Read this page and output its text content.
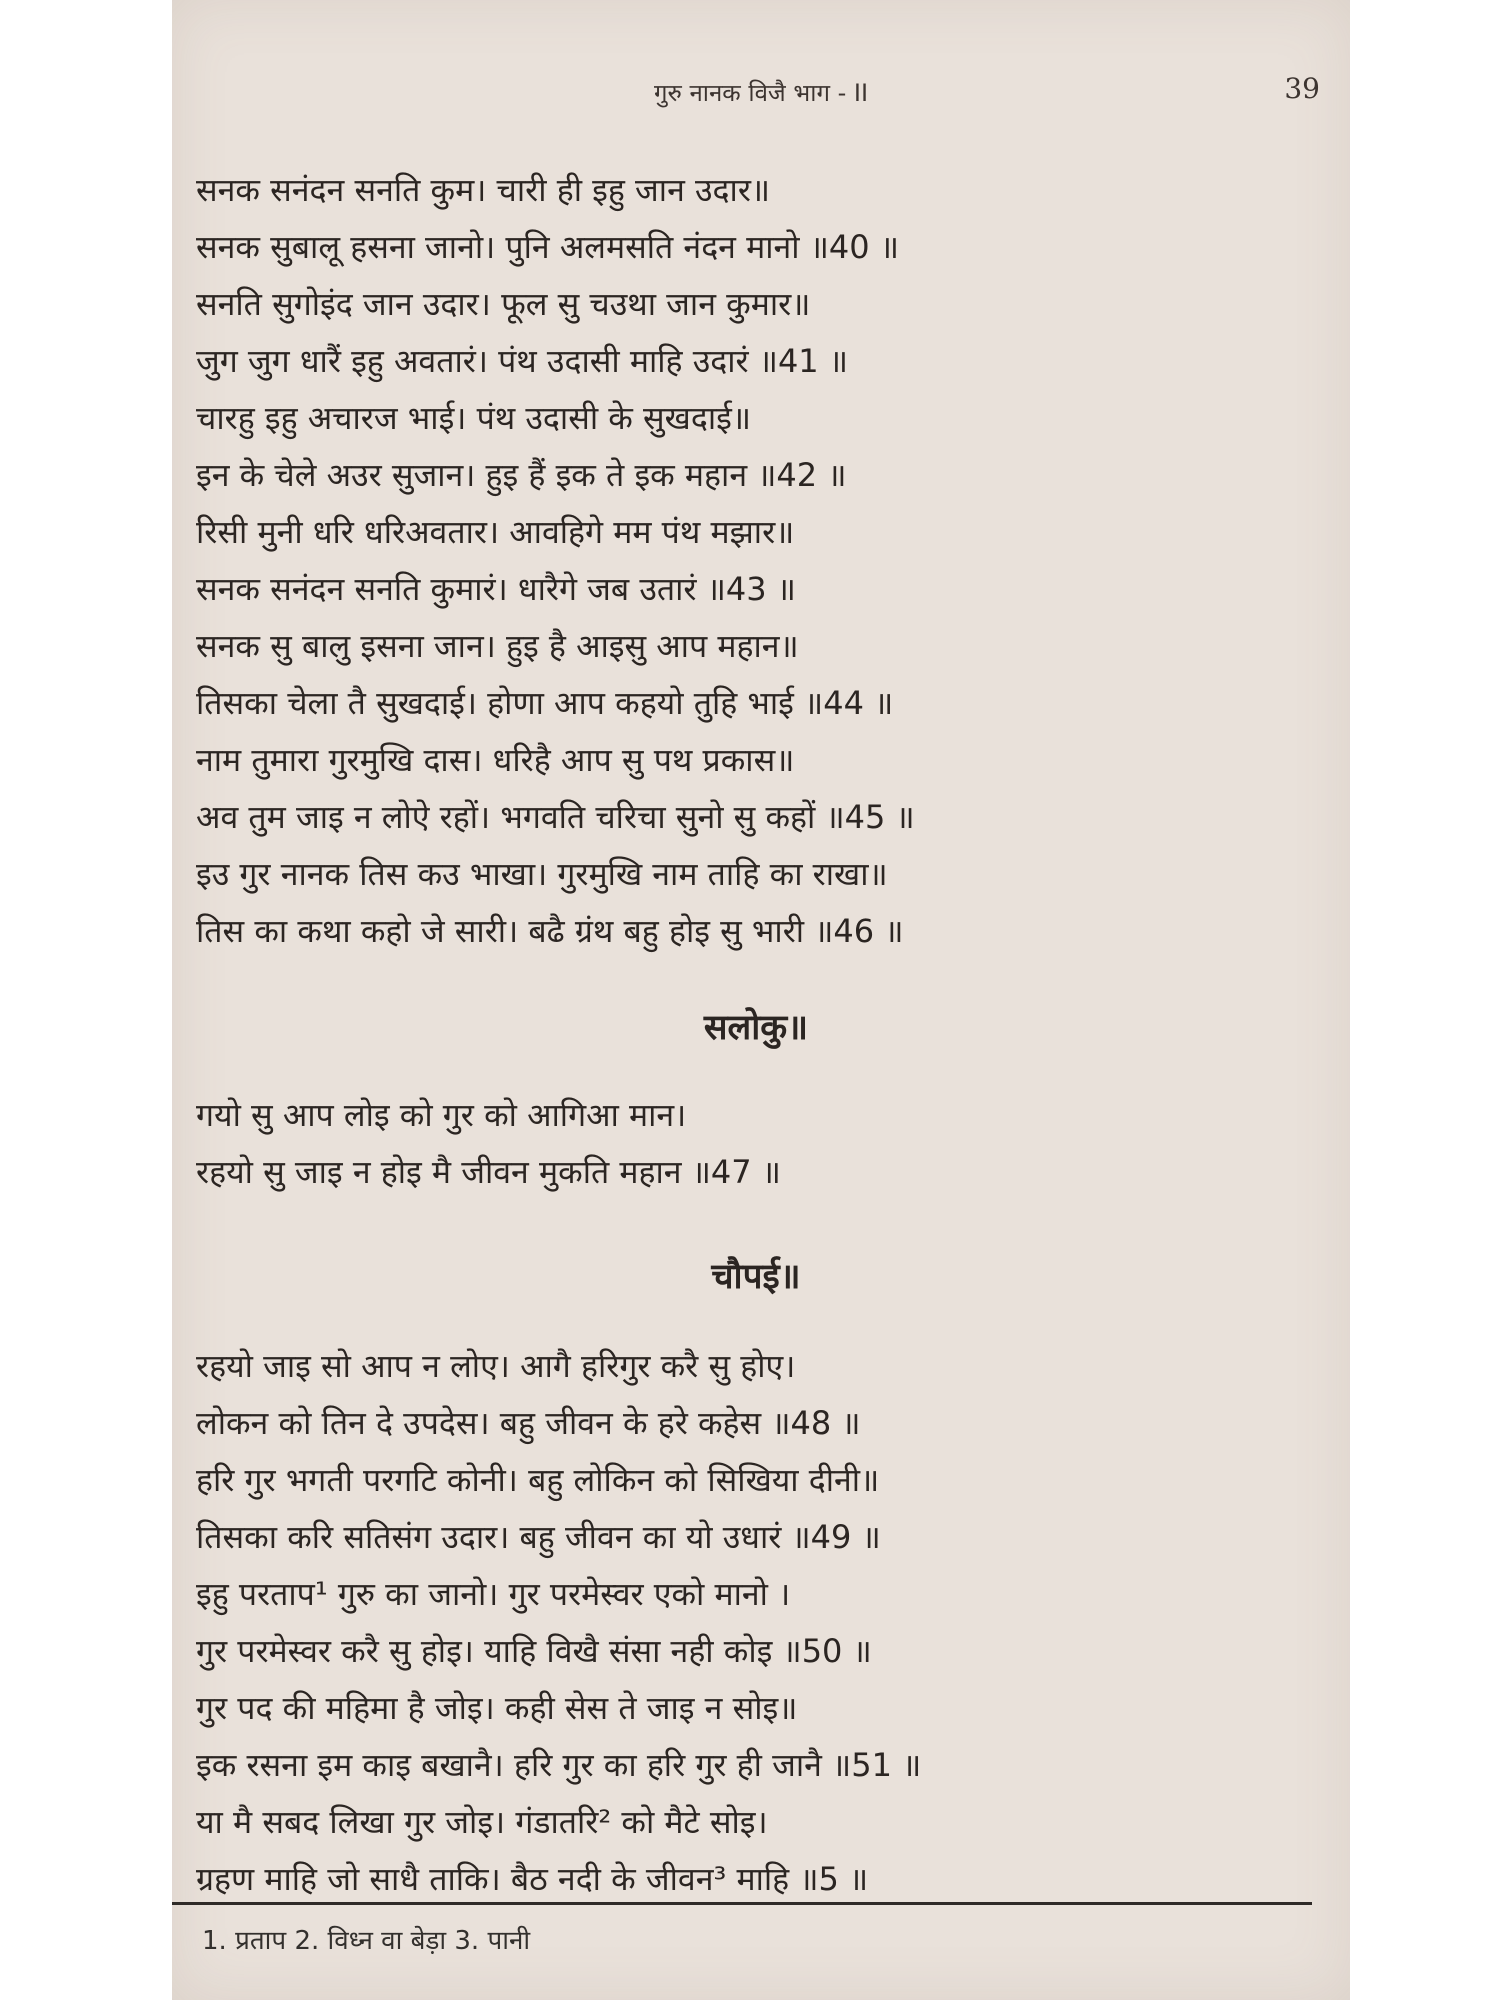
गुरु नानक विजै भाग - II	39
सनक सनंदन सनति कुम। चारी ही इहु जान उदार॥
सनक सुबालू हसना जानो। पुनि अलमसति नंदन मानो ॥40 ॥
सनति सुगोइंद जान उदार। फूल सु चउथा जान कुमार॥
जुग जुग धारैं इहु अवतारं। पंथ उदासी माहि उदारं ॥41 ॥
चारहु इहु अचारज भाई। पंथ उदासी के सुखदाई॥
इन के चेले अउर सुजान। हुइ हैं इक ते इक महान ॥42 ॥
रिसी मुनी धरि धरिअवतार। आवहिगे मम पंथ मझार॥
सनक सनंदन सनति कुमारं। धारैगे जब उतारं ॥43 ॥
सनक सु बालु इसना जान। हुइ है आइसु आप महान॥
तिसका चेला तै सुखदाई। होणा आप कहयो तुहि भाई ॥44 ॥
नाम तुमारा गुरमुखि दास। धरिहै आप सु पथ प्रकास॥
अव तुम जाइ न लोऐ रहों। भगवति चरिचा सुनो सु कहों ॥45 ॥
इउ गुर नानक तिस कउ भाखा। गुरमुखि नाम ताहि का राखा॥
तिस का कथा कहो जे सारी। बढै ग्रंथ बहु होइ सु भारी ॥46 ॥
सलोकु॥
गयो सु आप लोइ को गुर को आगिआ मान।
रहयो सु जाइ न होइ मै जीवन मुकति महान ॥47 ॥
चौपई॥
रहयो जाइ सो आप न लोए। आगै हरिगुर करै सु होए।
लोकन को तिन दे उपदेस। बहु जीवन के हरे कहेस ॥48 ॥
हरि गुर भगती परगटि कोनी। बहु लोकिन को सिखिया दीनी॥
तिसका करि सतिसंग उदार। बहु जीवन का यो उधारं ॥49 ॥
इहु परताप¹ गुरु का जानो। गुर परमेस्वर एको मानो ।
गुर परमेस्वर करै सु होइ। याहि विखै संसा नही कोइ ॥50 ॥
गुर पद की महिमा है जोइ। कही सेस ते जाइ न सोइ॥
इक रसना इम काइ बखानै। हरि गुर का हरि गुर ही जानै ॥51 ॥
या मै सबद लिखा गुर जोइ। गंडातरि² को मैटे सोइ।
ग्रहण माहि जो साधै ताकि। बैठ नदी के जीवन³ माहि ॥5 ॥
1. प्रताप 2. विध्न वा बेड़ा 3. पानी
